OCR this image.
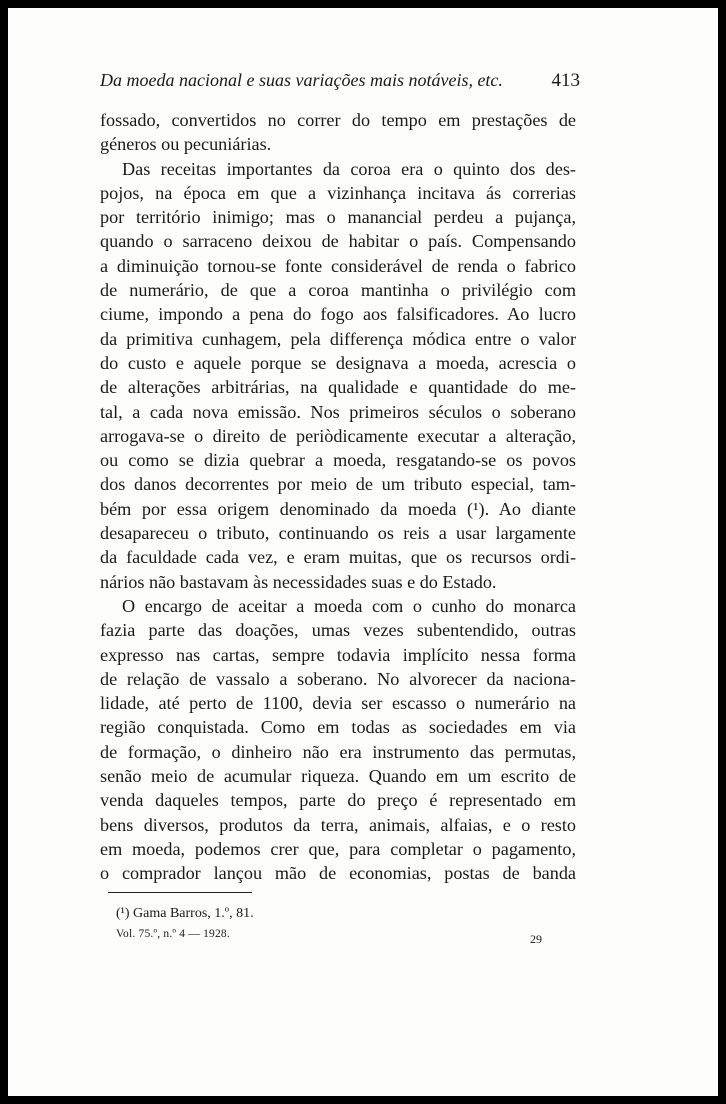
Da moeda nacional e suas variações mais notáveis, etc.	413
fossado, convertidos no correr do tempo em prestações de
géneros ou pecuniárias.
Das receitas importantes da coroa era o quinto dos des-
pojos, na época em que a vizinhança incitava ás correrias
por território inimigo; mas o manancial perdeu a pujança,
quando o sarraceno deixou de habitar o país. Compensando
a diminuição tornou-se fonte considerável de renda o fabrico
de numerário, de que a coroa mantinha o privilégio com
ciume, impondo a pena do fogo aos falsificadores. Ao lucro
da primitiva cunhagem, pela differença módica entre o valor
do custo e aquele porque se designava a moeda, acrescia o
de alterações arbitrárias, na qualidade e quantidade do me-
tal, a cada nova emissão. Nos primeiros séculos o soberano
arrogava-se o direito de periòdicamente executar a alteração,
ou como se dizia quebrar a moeda, resgatando-se os povos
dos danos decorrentes por meio de um tributo especial, tam-
bém por essa origem denominado da moeda (¹). Ao diante
desapareceu o tributo, continuando os reis a usar largamente
da faculdade cada vez, e eram muitas, que os recursos ordi-
nários não bastavam às necessidades suas e do Estado.
O encargo de aceitar a moeda com o cunho do monarca
fazia parte das doações, umas vezes subentendido, outras
expresso nas cartas, sempre todavia implícito nessa forma
de relação de vassalo a soberano. No alvorecer da naciona-
lidade, até perto de 1100, devia ser escasso o numerário na
região conquistada. Como em todas as sociedades em via
de formação, o dinheiro não era instrumento das permutas,
senão meio de acumular riqueza. Quando em um escrito de
venda daqueles tempos, parte do preço é representado em
bens diversos, produtos da terra, animais, alfaias, e o resto
em moeda, podemos crer que, para completar o pagamento,
o comprador lançou mão de economias, postas de banda
(¹) Gama Barros, 1.º, 81.
Vol. 75.º, n.º 4 — 1928.	29
